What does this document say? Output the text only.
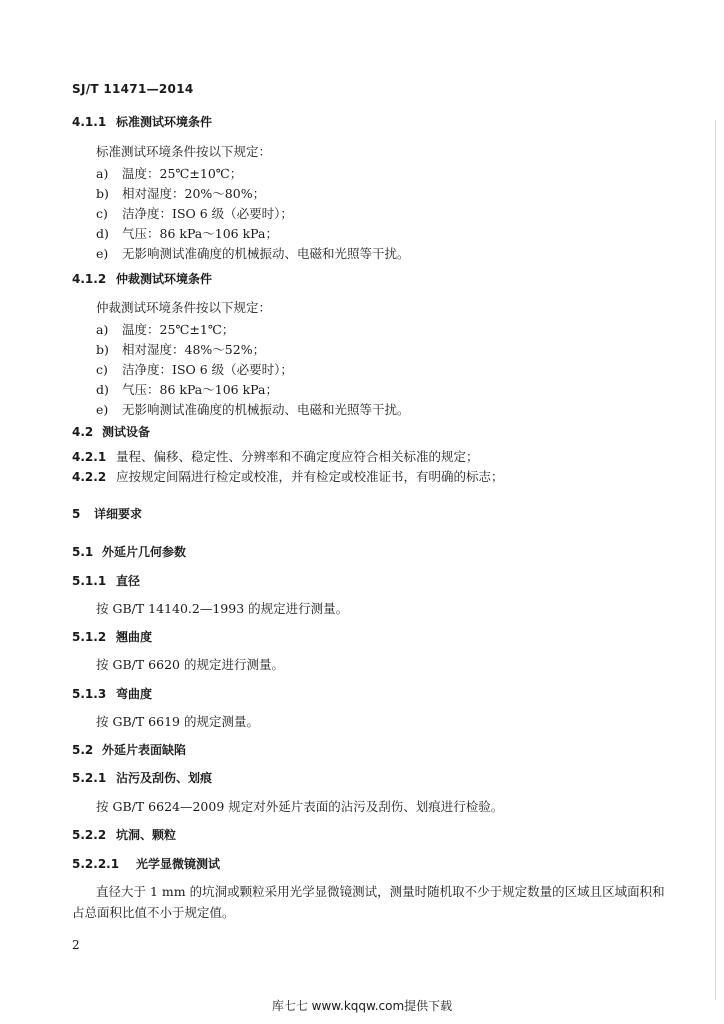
SJ/T 11471—2014
4.1.1 标准测试环境条件
标准测试环境条件按以下规定：
a) 温度：25℃±10℃；
b) 相对湿度：20%～80%；
c) 洁净度：ISO 6 级（必要时）；
d) 气压：86 kPa～106 kPa；
e) 无影响测试准确度的机械振动、电磁和光照等干扰。
4.1.2 仲裁测试环境条件
仲裁测试环境条件按以下规定：
a) 温度：25℃±1℃；
b) 相对湿度：48%～52%；
c) 洁净度：ISO 6 级（必要时）；
d) 气压：86 kPa～106 kPa；
e) 无影响测试准确度的机械振动、电磁和光照等干扰。
4.2 测试设备
4.2.1 量程、偏移、稳定性、分辨率和不确定度应符合相关标准的规定；
4.2.2 应按规定间隔进行检定或校准，并有检定或校准证书，有明确的标志；
5 详细要求
5.1 外延片几何参数
5.1.1 直径
按 GB/T 14140.2—1993 的规定进行测量。
5.1.2 翘曲度
按 GB/T 6620 的规定进行测量。
5.1.3 弯曲度
按 GB/T 6619 的规定测量。
5.2 外延片表面缺陷
5.2.1 沾污及刮伤、划痕
按 GB/T 6624—2009 规定对外延片表面的沾污及刮伤、划痕进行检验。
5.2.2 坑洞、颗粒
5.2.2.1 光学显微镜测试
直径大于 1 mm 的坑洞或颗粒采用光学显微镜测试，测量时随机取不少于规定数量的区域且区域面积和占总面积比值不小于规定值。
2
库七七 www.kqqw.com提供下载
